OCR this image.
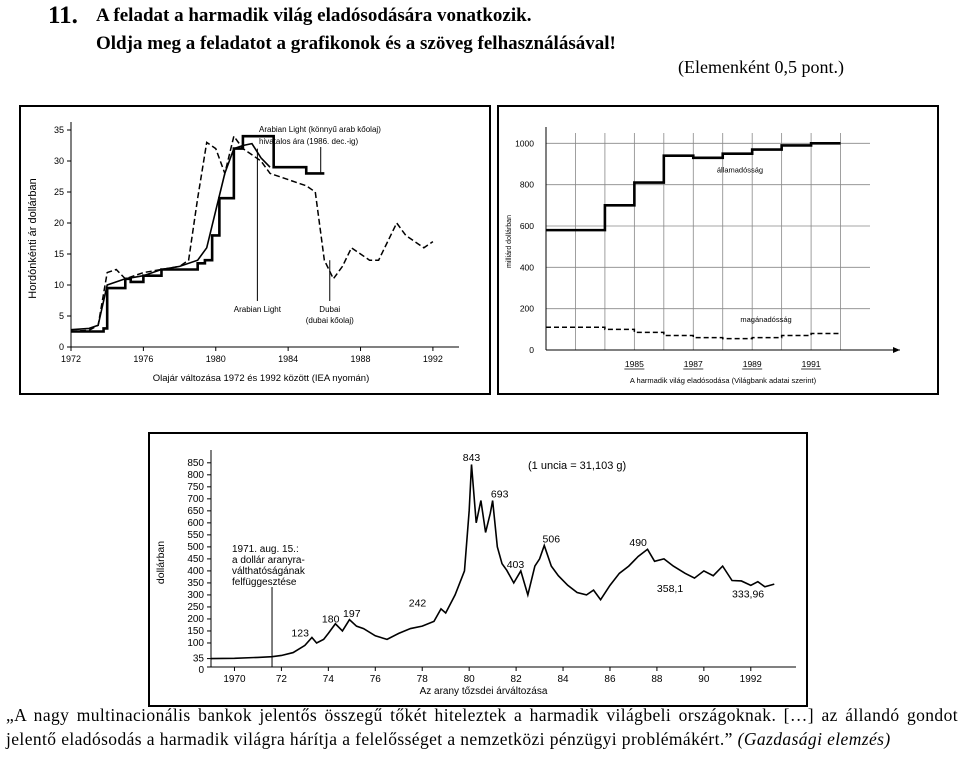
11. A feladat a harmadik világ eladósodására vonatkozik.
Oldja meg a feladatot a grafikonok és a szöveg felhasználásával!
(Elemenként 0,5 pont.)
0
5
10
15
20
25
30
35
1972	1976	1980	1984	1988	1992
Hordónkénti ár dollárban
Olajár változása 1972 és 1992 között (IEA nyomán)
Arabian Light (könnyű arab kőolaj)
hivatalos ára (1986. dec.-ig)
Arabian Light	Dubai
(dubai kőolaj)
0
200
400
600
800
1000
1985	1987	1989	1991
milliárd dollárban
A harmadik világ eladósodása (Világbank adatai szerint)
államadósság
magánadósság
0
35
100
150
200
250
300
350
400
450
500
550
600
650
700
750
800
850
1970	72	74	76	78	80	82	84	86	88	90	1992
dollárban
Az arany tőzsdei árváltozása
(1 uncia = 31,103 g)
1971. aug. 15.:
a dollár aranyra-
válthatóságának
felfüggesztése
843
693
506	490
403
242
197
180
123
358,1	333,96
„A nagy multinacionális bankok jelentős összegű tőkét hiteleztek a harmadik világbeli országoknak. […] az állandó gondot jelentő eladósodás a harmadik világra hárítja a felelősséget a nemzetközi pénzügyi problémákért.” (Gazdasági elemzés)
